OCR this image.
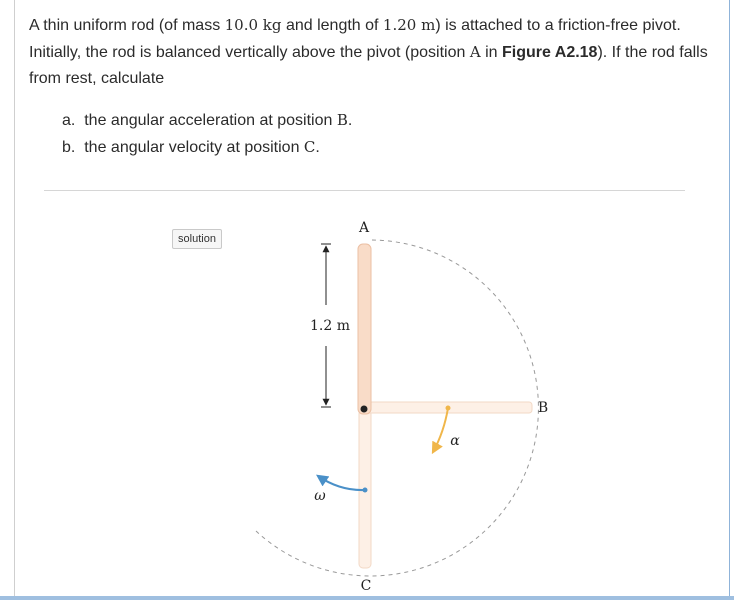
A thin uniform rod (of mass 10.0 kg and length of 1.20 m) is attached to a friction-free pivot. Initially, the rod is balanced vertically above the pivot (position A in Figure A2.18). If the rod falls from rest, calculate

a. the angular acceleration at position B.
b. the angular velocity at position C.
solution
A
B
C
1.2 m
α
ω
